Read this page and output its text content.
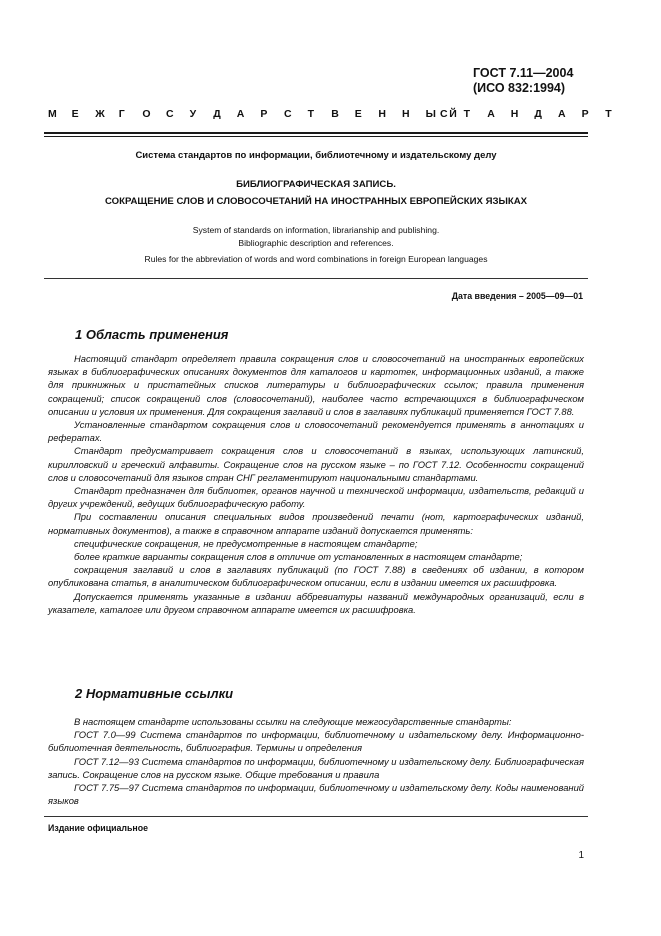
ГОСТ 7.11—2004
(ИСО 832:1994)
М Е Ж Г О С У Д А Р С Т В Е Н Н Ы Й
С Т А Н Д А Р Т
Система стандартов по информации, библиотечному и издательскому делу
БИБЛИОГРАФИЧЕСКАЯ ЗАПИСЬ.
СОКРАЩЕНИЕ СЛОВ И СЛОВОСОЧЕТАНИЙ НА ИНОСТРАННЫХ ЕВРОПЕЙСКИХ ЯЗЫКАХ
System of standards on information, librarianship and publishing.
Bibliographic description and references.
Rules for the abbreviation of words and word combinations in foreign European languages
Дата введения – 2005—09—01
1 Область применения

Настоящий стандарт определяет правила сокращения слов и словосочетаний на иностранных европейских языках в библиографических описаниях документов для каталогов и картотек, информационных изданий, а также для прикнижных и пристатейных списков литературы и библиографических ссылок; правила применения сокращений; список сокращений слов (словосочетаний), наиболее часто встречающихся в библиографическом описании и условия их применения. Для сокращения заглавий и слов в заглавиях публикаций применяется ГОСТ 7.88.

Установленные стандартом сокращения слов и словосочетаний рекомендуется применять в аннотациях и рефератах.

Стандарт предусматривает сокращения слов и словосочетаний в языках, использующих латинский, кирилловский и греческий алфавиты. Сокращение слов на русском языке – по ГОСТ 7.12. Особенности сокращений слов и словосочетаний для языков стран СНГ регламентируют национальными стандартами.

Стандарт предназначен для библиотек, органов научной и технической информации, издательств, редакций и других учреждений, ведущих библиографическую работу.

При составлении описания специальных видов произведений печати (нот, картографических изданий, нормативных документов), а также в справочном аппарате изданий допускается применять:

специфические сокращения, не предусмотренные в настоящем стандарте;

более краткие варианты сокращения слов в отличие от установленных в настоящем стандарте;

сокращения заглавий и слов в заглавиях публикаций (по ГОСТ 7.88) в сведениях об издании, в котором опубликована статья, в аналитическом библиографическом описании, если в издании имеется их расшифровка.

Допускается применять указанные в издании аббревиатуры названий международных организаций, если в указателе, каталоге или другом справочном аппарате имеется их расшифровка.

2 Нормативные ссылки

В настоящем стандарте использованы ссылки на следующие межгосударственные стандарты:

ГОСТ 7.0—99 Система стандартов по информации, библиотечному и издательскому делу. Информационно-библиотечная деятельность, библиография. Термины и определения

ГОСТ 7.12—93 Система стандартов по информации, библиотечному и издательскому делу. Библиографическая запись. Сокращение слов на русском языке. Общие требования и правила

ГОСТ 7.75—97 Система стандартов по информации, библиотечному и издательскому делу. Коды наименований языков

Издание официальное
1
